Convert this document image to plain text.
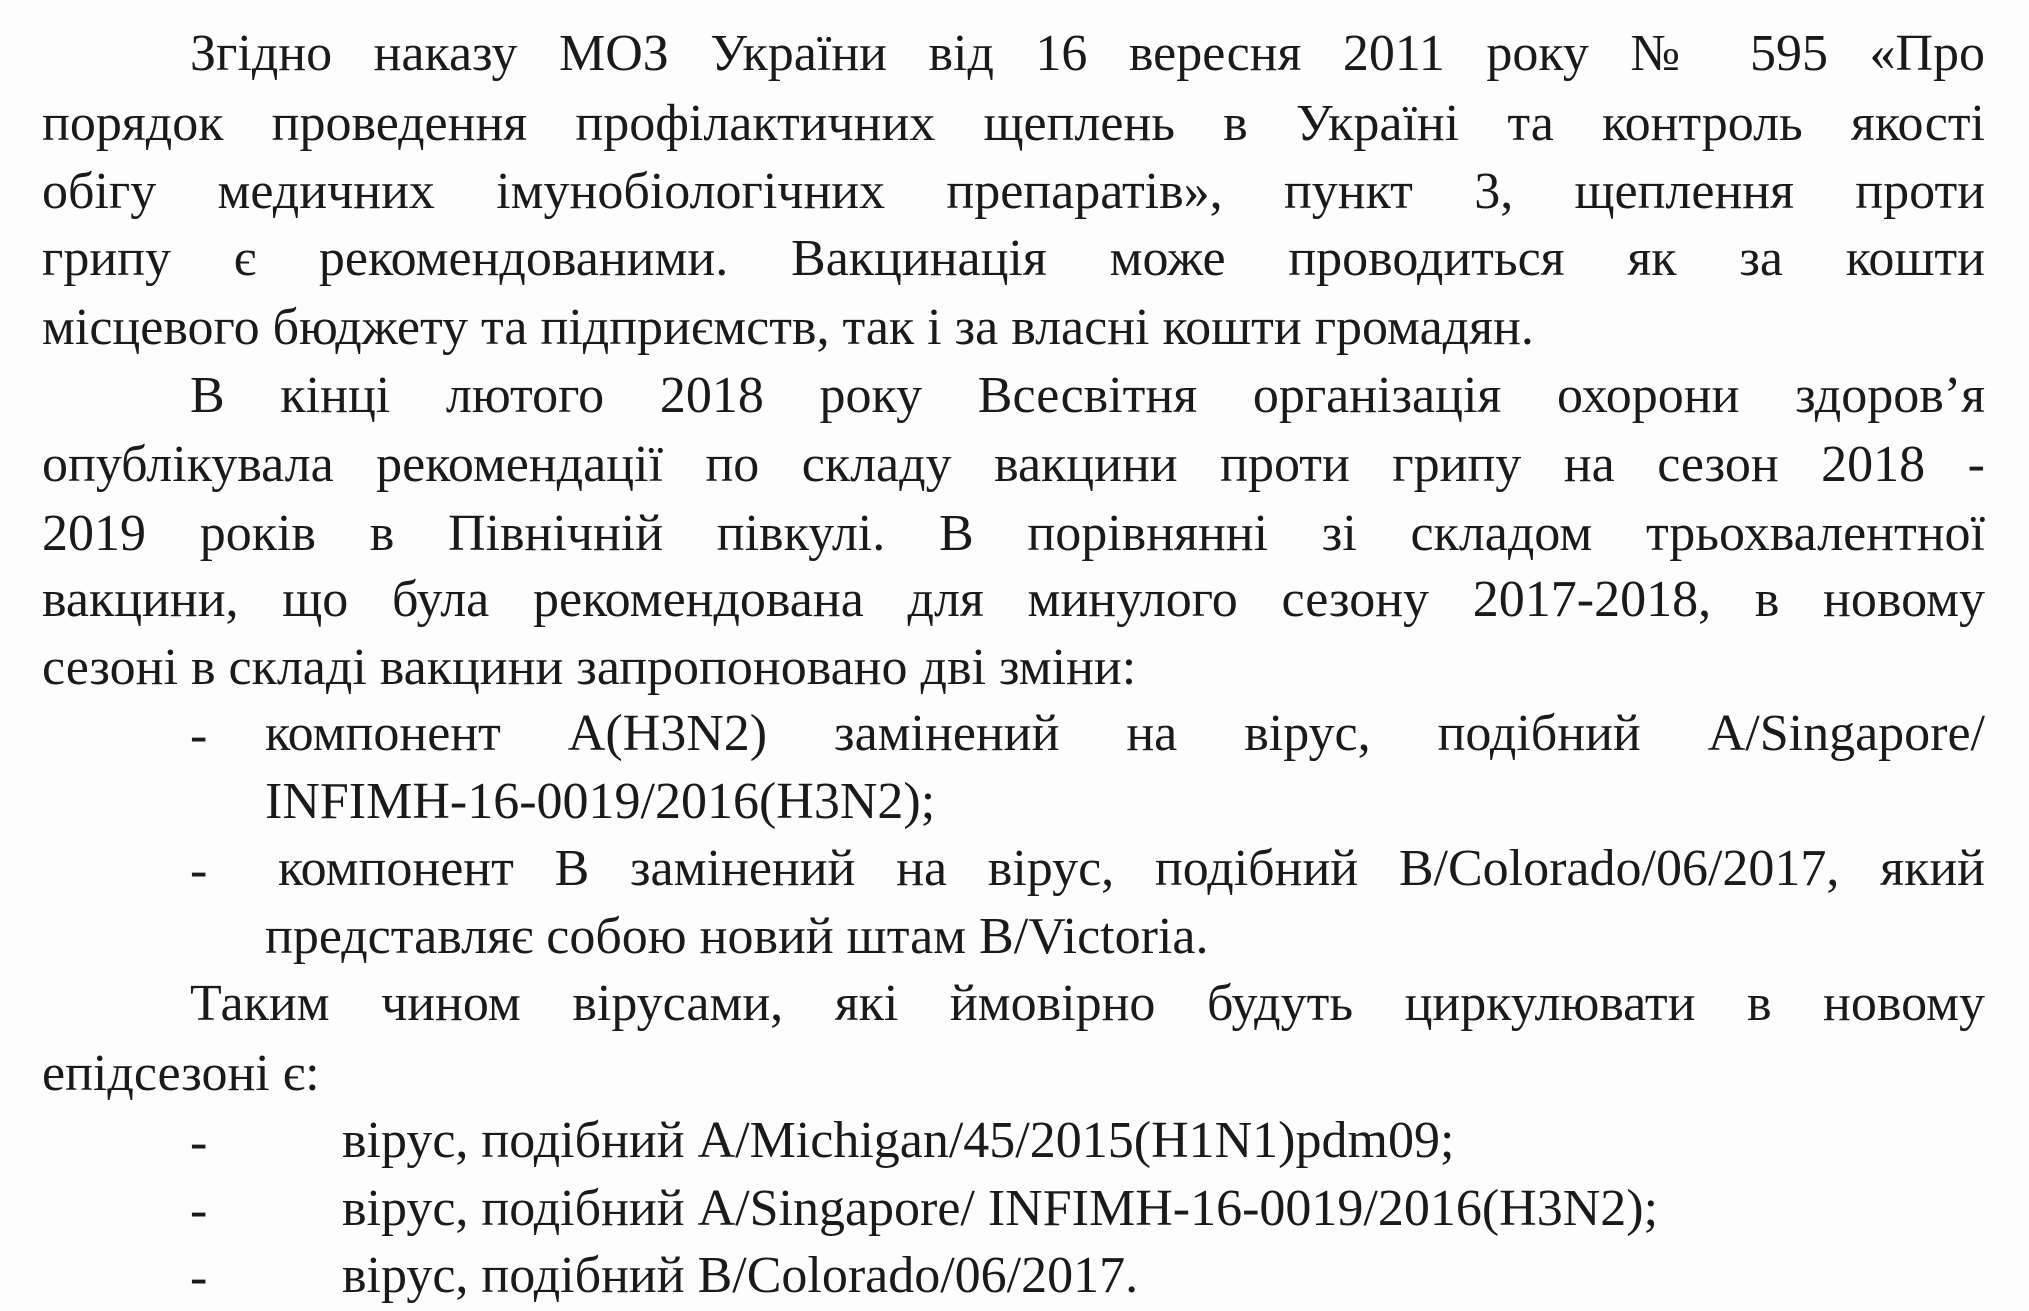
Згідно наказу МОЗ України від 16 вересня 2011 року № 595 «Про
порядок проведення профілактичних щеплень в Україні та контроль якості
обігу медичних імунобіологічних препаратів», пункт 3, щеплення проти
грипу є рекомендованими. Вакцинація може проводиться як за кошти
місцевого бюджету та підприємств, так і за власні кошти громадян.
В кінці лютого 2018 року Всесвітня організація охорони здоров’я
опублікувала рекомендації по складу вакцини проти грипу на сезон 2018 -
2019 років в Північній півкулі. В порівнянні зі складом трьохвалентної
вакцини, що була рекомендована для минулого сезону 2017-2018, в новому
сезоні в складі вакцини запропоновано дві зміни:
- компонент А(H3N2) замінений на вірус, подібний A/Singapore/
INFIMH-16-0019/2016(H3N2);
- компонент В замінений на вірус, подібний B/Colorado/06/2017, який
представляє собою новий штам B/Victoria.
Таким чином вірусами, які ймовірно будуть циркулювати в новому
епідсезоні є:
-	вірус, подібний A/Michigan/45/2015(H1N1)pdm09;
-	вірус, подібний A/Singapore/ INFIMH-16-0019/2016(H3N2);
-	вірус, подібний B/Colorado/06/2017.
